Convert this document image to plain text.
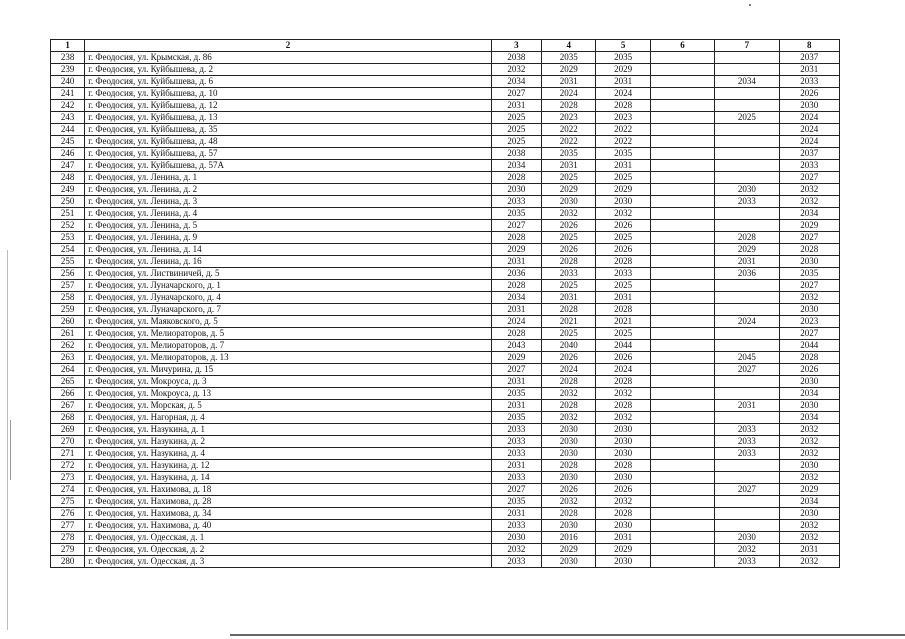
1	2	3	4	5	6	7	8
238	г. Феодосия, ул. Крымская, д. 86	2038	2035	2035			2037
239	г. Феодосия, ул. Куйбышева, д. 2	2032	2029	2029			2031
240	г. Феодосия, ул. Куйбышева, д. 6	2034	2031	2031		2034	2033
241	г. Феодосия, ул. Куйбышева, д. 10	2027	2024	2024			2026
242	г. Феодосия, ул. Куйбышева, д. 12	2031	2028	2028			2030
243	г. Феодосия, ул. Куйбышева, д. 13	2025	2023	2023		2025	2024
244	г. Феодосия, ул. Куйбышева, д. 35	2025	2022	2022			2024
245	г. Феодосия, ул. Куйбышева, д. 48	2025	2022	2022			2024
246	г. Феодосия, ул. Куйбышева, д. 57	2038	2035	2035			2037
247	г. Феодосия, ул. Куйбышева, д. 57А	2034	2031	2031			2033
248	г. Феодосия, ул. Ленина, д. 1	2028	2025	2025			2027
249	г. Феодосия, ул. Ленина, д. 2	2030	2029	2029		2030	2032
250	г. Феодосия, ул. Ленина, д. 3	2033	2030	2030		2033	2032
251	г. Феодосия, ул. Ленина, д. 4	2035	2032	2032			2034
252	г. Феодосия, ул. Ленина, д. 5	2027	2026	2026			2029
253	г. Феодосия, ул. Ленина, д. 9	2028	2025	2025		2028	2027
254	г. Феодосия, ул. Ленина, д. 14	2029	2026	2026		2029	2028
255	г. Феодосия, ул. Ленина, д. 16	2031	2028	2028		2031	2030
256	г. Феодосия, ул. Листвиничей, д. 5	2036	2033	2033		2036	2035
257	г. Феодосия, ул. Луначарского, д. 1	2028	2025	2025			2027
258	г. Феодосия, ул. Луначарского, д. 4	2034	2031	2031			2032
259	г. Феодосия, ул. Луначарского, д. 7	2031	2028	2028			2030
260	г. Феодосия, ул. Маяковского, д. 5	2024	2021	2021		2024	2023
261	г. Феодосия, ул. Мелиораторов, д. 5	2028	2025	2025			2027
262	г. Феодосия, ул. Мелиораторов, д. 7	2043	2040	2044			2044
263	г. Феодосия, ул. Мелиораторов, д. 13	2029	2026	2026		2045	2028
264	г. Феодосия, ул. Мичурина, д. 15	2027	2024	2024		2027	2026
265	г. Феодосия, ул. Мокроуса, д. 3	2031	2028	2028			2030
266	г. Феодосия, ул. Мокроуса, д. 13	2035	2032	2032			2034
267	г. Феодосия, ул. Морская, д. 5	2031	2028	2028		2031	2030
268	г. Феодосия, ул. Нагорная, д. 4	2035	2032	2032			2034
269	г. Феодосия, ул. Назукина, д. 1	2033	2030	2030		2033	2032
270	г. Феодосия, ул. Назукина, д. 2	2033	2030	2030		2033	2032
271	г. Феодосия, ул. Назукина, д. 4	2033	2030	2030		2033	2032
272	г. Феодосия, ул. Назукина, д. 12	2031	2028	2028			2030
273	г. Феодосия, ул. Назукина, д. 14	2033	2030	2030			2032
274	г. Феодосия, ул. Нахимова, д. 18	2027	2026	2026		2027	2029
275	г. Феодосия, ул. Нахимова, д. 28	2035	2032	2032			2034
276	г. Феодосия, ул. Нахимова, д. 34	2031	2028	2028			2030
277	г. Феодосия, ул. Нахимова, д. 40	2033	2030	2030			2032
278	г. Феодосия, ул. Одесская, д. 1	2030	2016	2031		2030	2032
279	г. Феодосия, ул. Одесская, д. 2	2032	2029	2029		2032	2031
280	г. Феодосия, ул. Одесская, д. 3	2033	2030	2030		2033	2032
